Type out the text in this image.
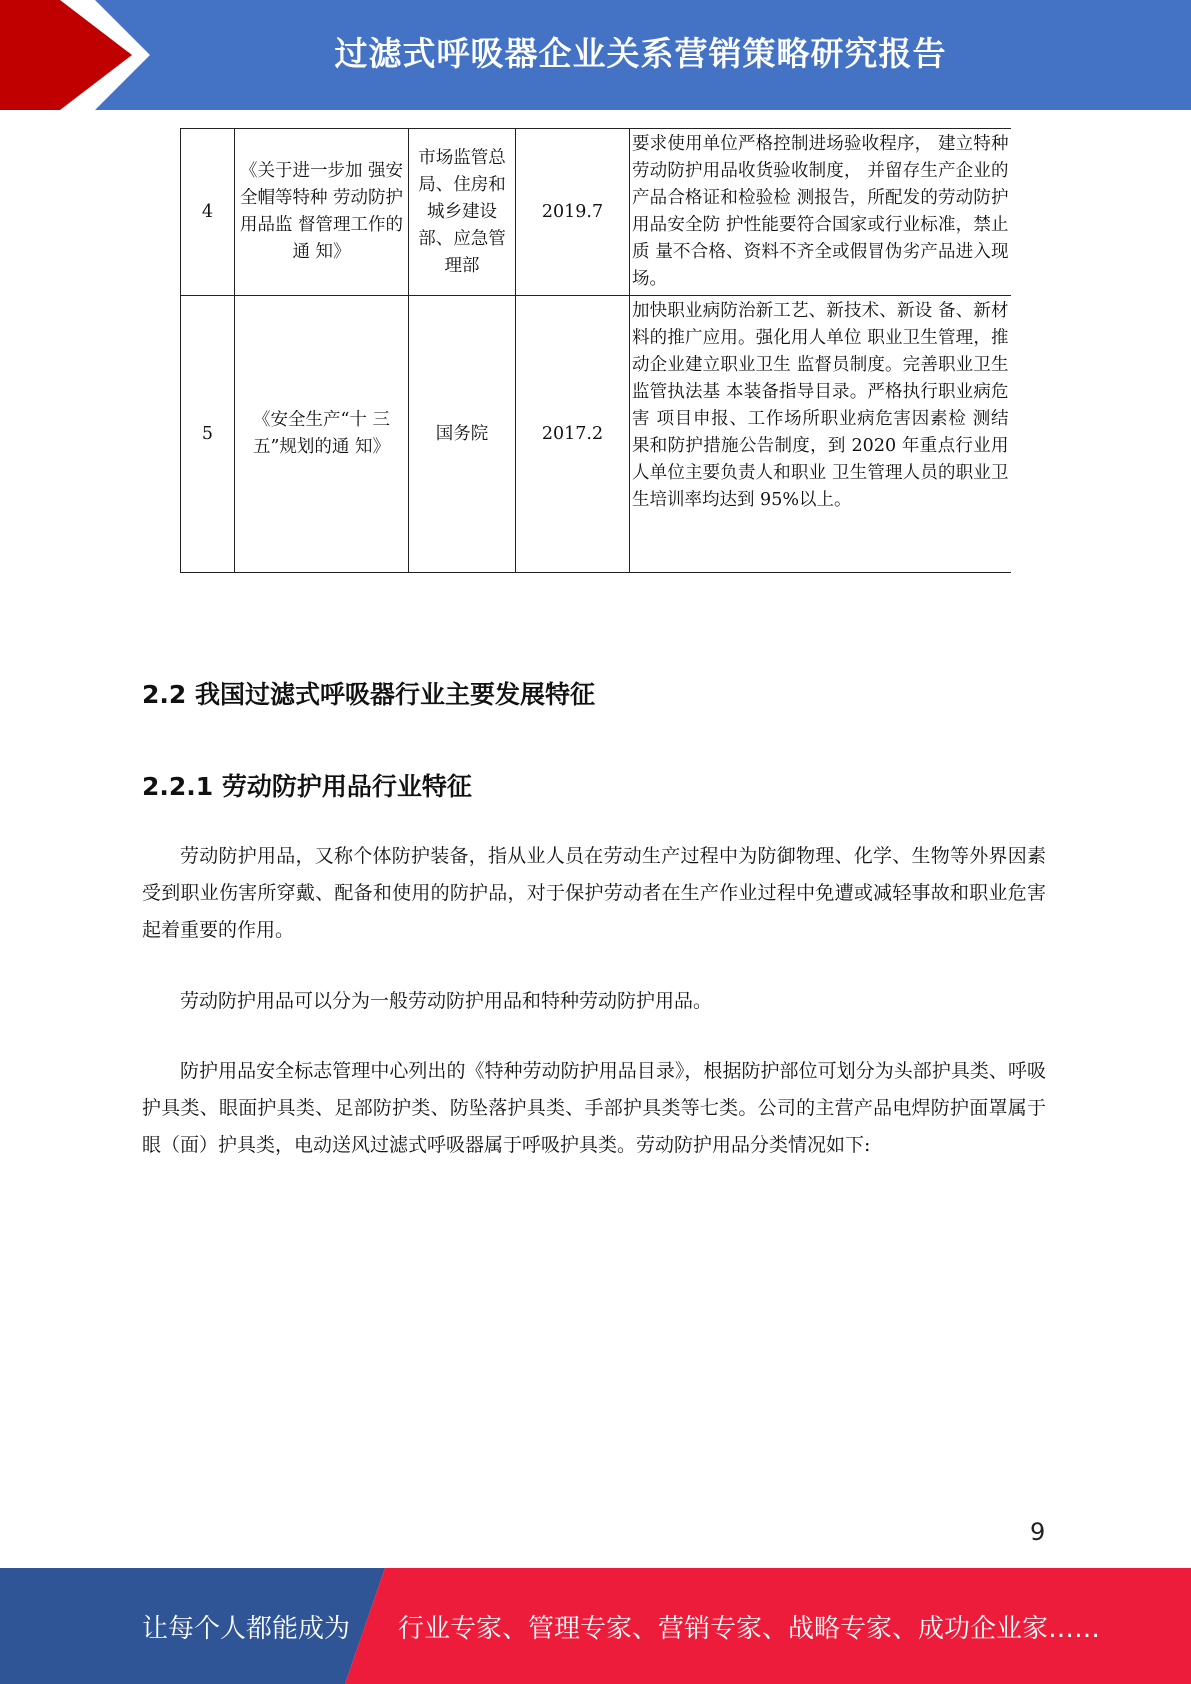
过滤式呼吸器企业关系营销策略研究报告
4	《关于进一步加 强安全帽等特种 劳动防护用品监 督管理工作的通 知》	市场监管总局、住房和城乡建设部、应急管理部	2019.7	要求使用单位严格控制进场验收程序， 建立特种劳动防护用品收货验收制度， 并留存生产企业的产品合格证和检验检 测报告，所配发的劳动防护用品安全防 护性能要符合国家或行业标准，禁止质 量不合格、资料不齐全或假冒伪劣产品进入现场。
5	《安全生产“十 三五”规划的通 知》	国务院	2017.2	加快职业病防治新工艺、新技术、新设 备、新材料的推广应用。强化用人单位 职业卫生管理，推动企业建立职业卫生 监督员制度。完善职业卫生监管执法基 本装备指导目录。严格执行职业病危害 项目申报、工作场所职业病危害因素检 测结果和防护措施公告制度，到 2020 年重点行业用人单位主要负责人和职业 卫生管理人员的职业卫生培训率均达到 95%以上。
2.2 我国过滤式呼吸器行业主要发展特征
2.2.1 劳动防护用品行业特征

劳动防护用品，又称个体防护装备，指从业人员在劳动生产过程中为防御物理、化学、生物等外界因素受到职业伤害所穿戴、配备和使用的防护品，对于保护劳动者在生产作业过程中免遭或减轻事故和职业危害起着重要的作用。

劳动防护用品可以分为一般劳动防护用品和特种劳动防护用品。

防护用品安全标志管理中心列出的《特种劳动防护用品目录》，根据防护部位可划分为头部护具类、呼吸护具类、眼面护具类、足部防护类、防坠落护具类、手部护具类等七类。公司的主营产品电焊防护面罩属于眼（面）护具类，电动送风过滤式呼吸器属于呼吸护具类。劳动防护用品分类情况如下:

9
让每个人都能成为 行业专家、管理专家、营销专家、战略专家、成功企业家……
